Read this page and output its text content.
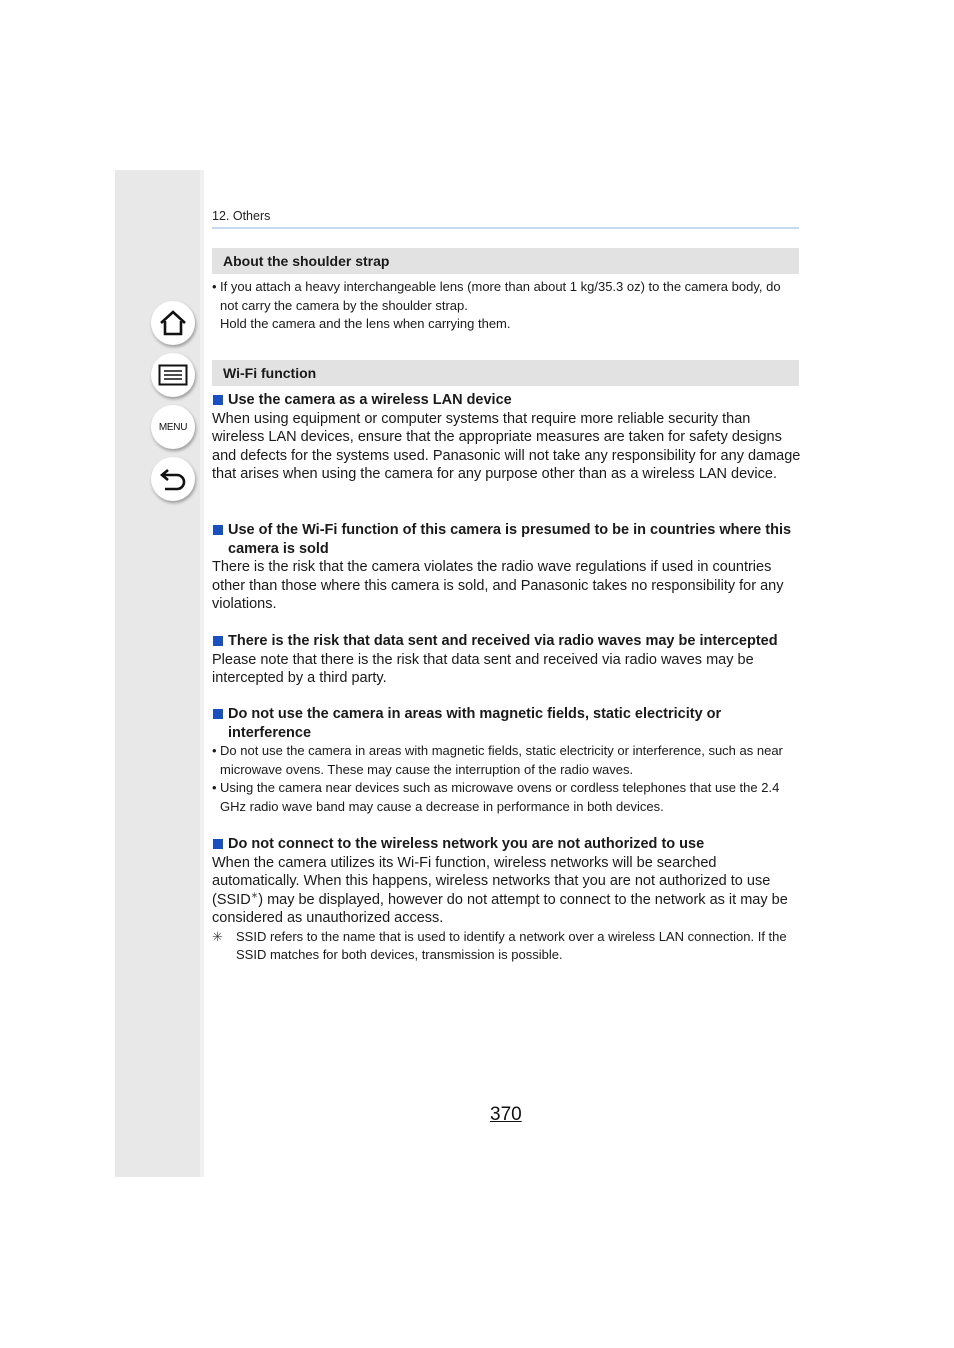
MENU
12. Others
About the shoulder strap
• If you attach a heavy interchangeable lens (more than about 1 kg/35.3 oz) to the camera body, do not carry the camera by the shoulder strap.
Hold the camera and the lens when carrying them.
Wi-Fi function
Use the camera as a wireless LAN device
When using equipment or computer systems that require more reliable security than wireless LAN devices, ensure that the appropriate measures are taken for safety designs and defects for the systems used. Panasonic will not take any responsibility for any damage that arises when using the camera for any purpose other than as a wireless LAN device.
Use of the Wi-Fi function of this camera is presumed to be in countries where this camera is sold
There is the risk that the camera violates the radio wave regulations if used in countries other than those where this camera is sold, and Panasonic takes no responsibility for any violations.
There is the risk that data sent and received via radio waves may be intercepted
Please note that there is the risk that data sent and received via radio waves may be intercepted by a third party.
Do not use the camera in areas with magnetic fields, static electricity or interference
• Do not use the camera in areas with magnetic fields, static electricity or interference, such as near microwave ovens. These may cause the interruption of the radio waves.
• Using the camera near devices such as microwave ovens or cordless telephones that use the 2.4 GHz radio wave band may cause a decrease in performance in both devices.
Do not connect to the wireless network you are not authorized to use
When the camera utilizes its Wi-Fi function, wireless networks will be searched automatically. When this happens, wireless networks that you are not authorized to use (SSID∗) may be displayed, however do not attempt to connect to the network as it may be considered as unauthorized access.
✳ SSID refers to the name that is used to identify a network over a wireless LAN connection. If the SSID matches for both devices, transmission is possible.
370
